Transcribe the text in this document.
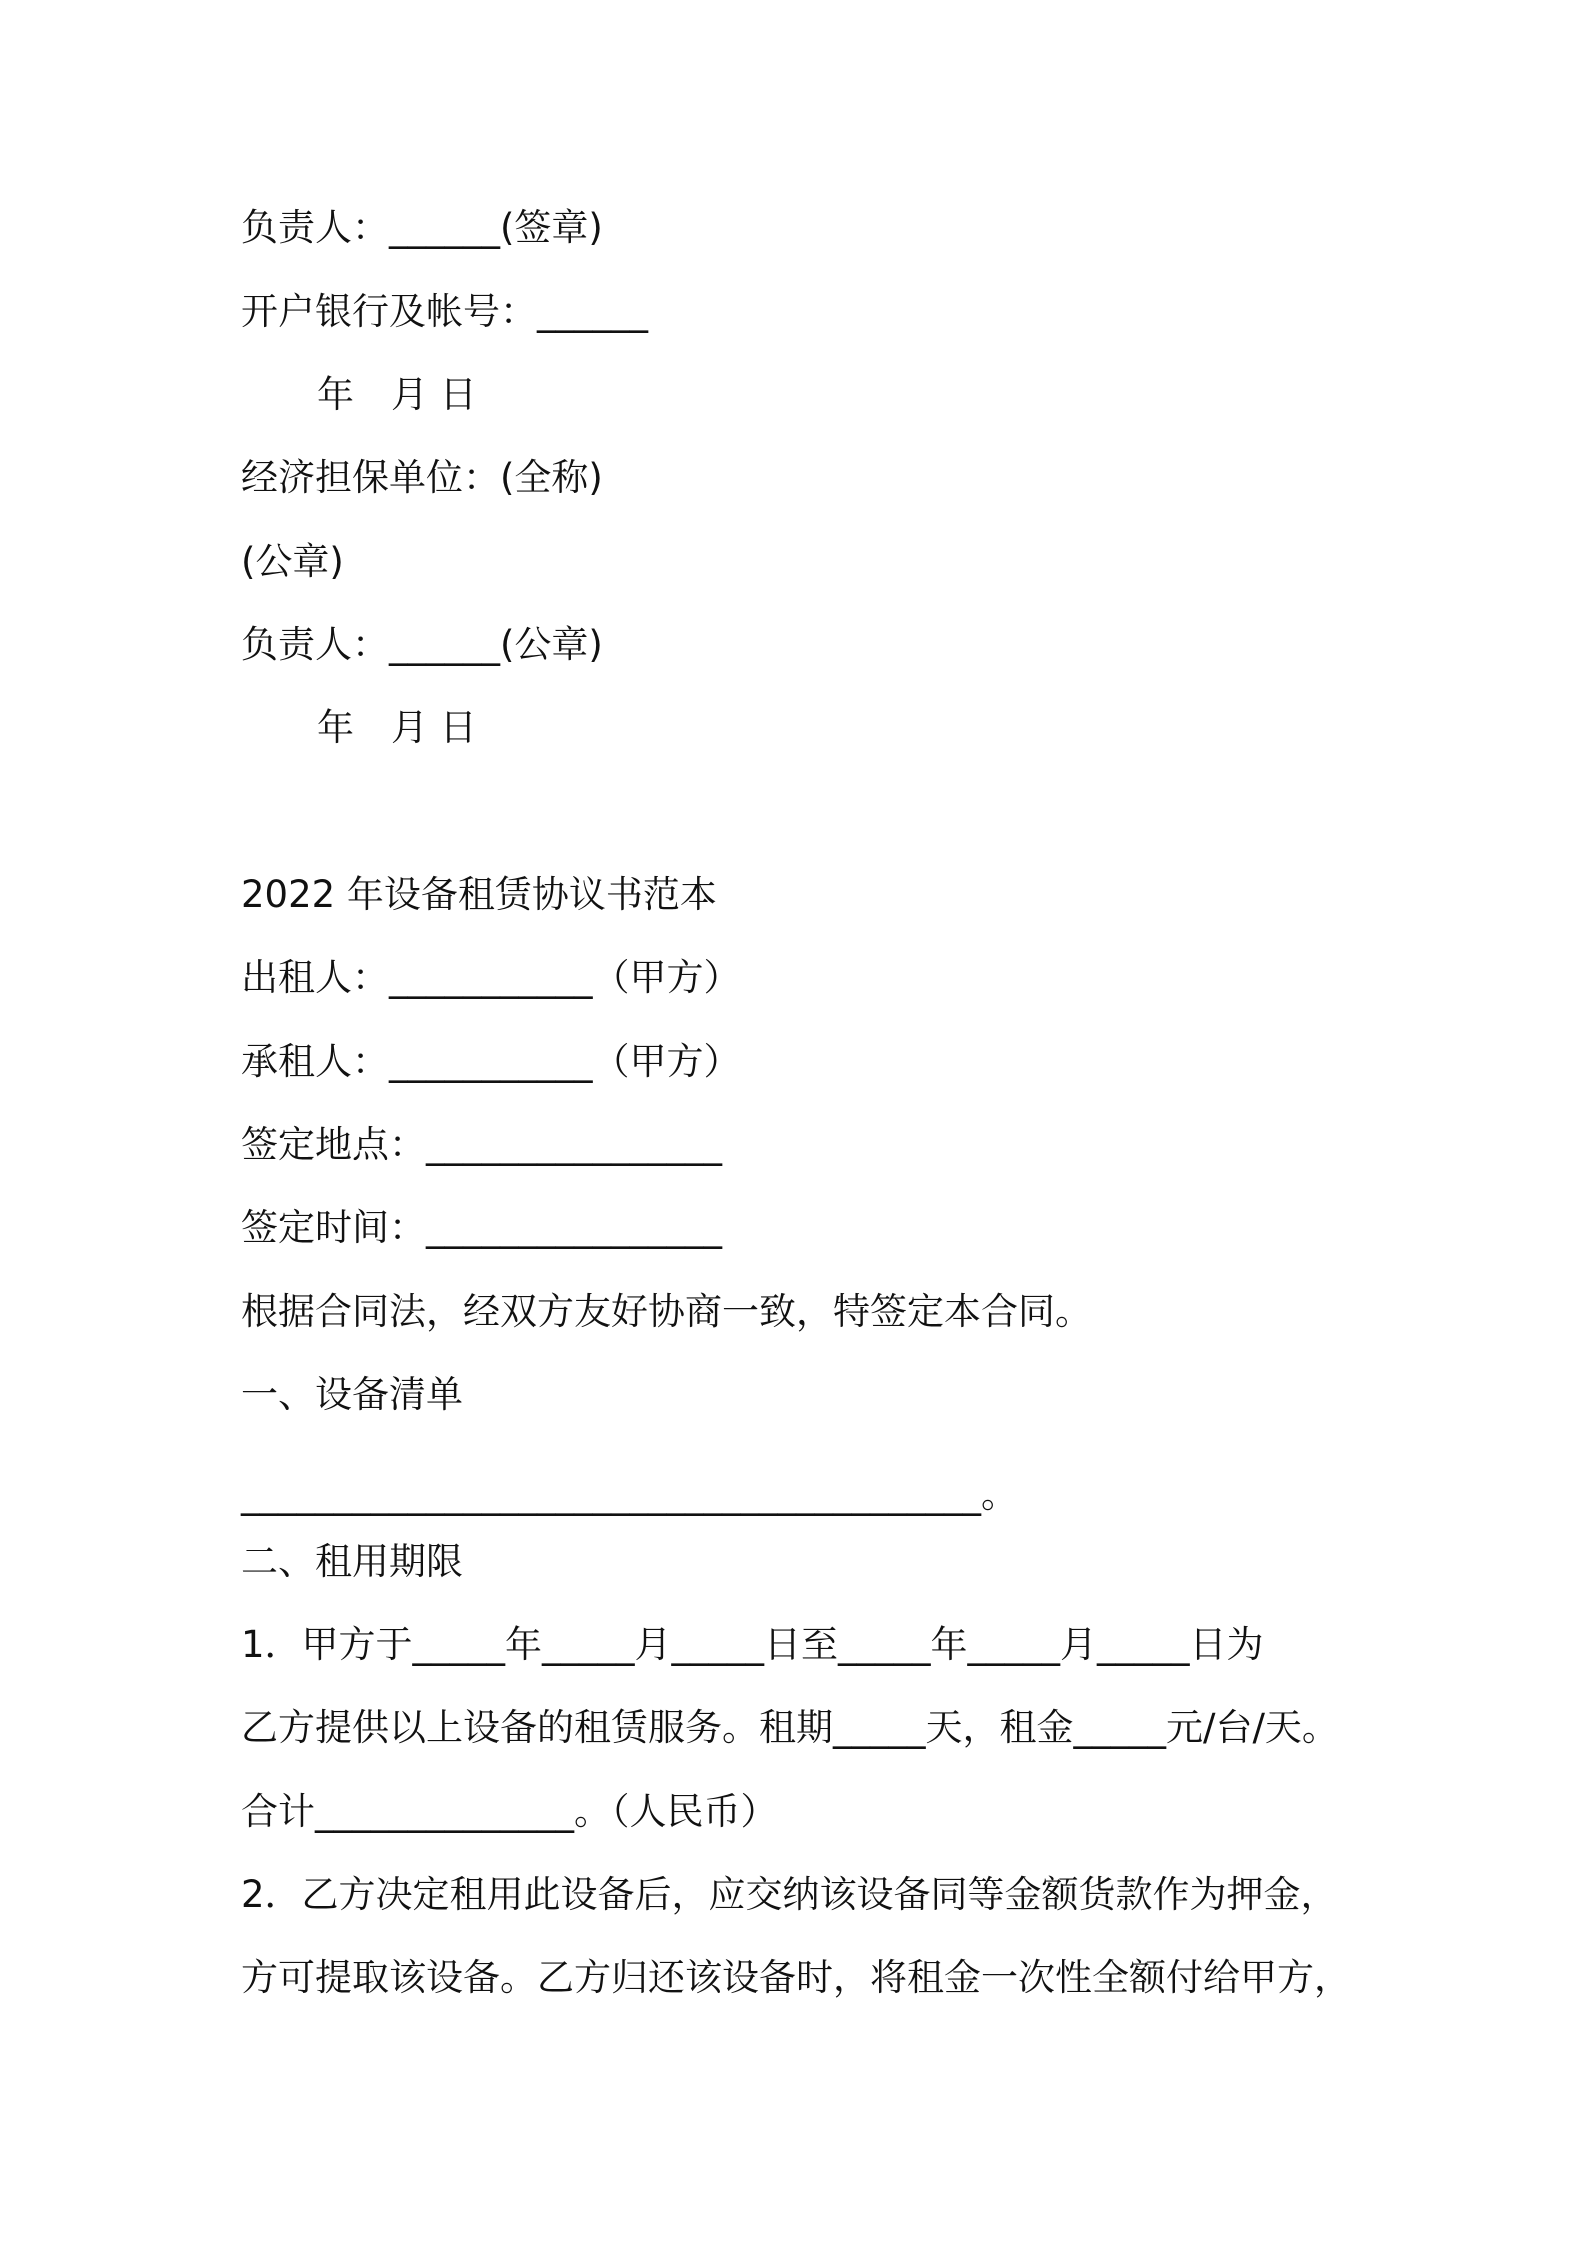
负责人：______(签章)
开户银行及帐号：______
年　月 日
经济担保单位：(全称)
(公章)
负责人：______(公章)
年　月 日
2022 年设备租赁协议书范本
出租人：___________（甲方）
承租人：___________（甲方）
签定地点：________________
签定时间：________________
根据合同法，经双方友好协商一致，特签定本合同。
一、设备清单
________________________________________。
二、租用期限
1．甲方于_____年_____月_____日至_____年_____月_____日为
乙方提供以上设备的租赁服务。租期_____天，租金_____元/台/天。
合计______________。（人民币）
2．乙方决定租用此设备后，应交纳该设备同等金额货款作为押金，
方可提取该设备。乙方归还该设备时，将租金一次性全额付给甲方，
